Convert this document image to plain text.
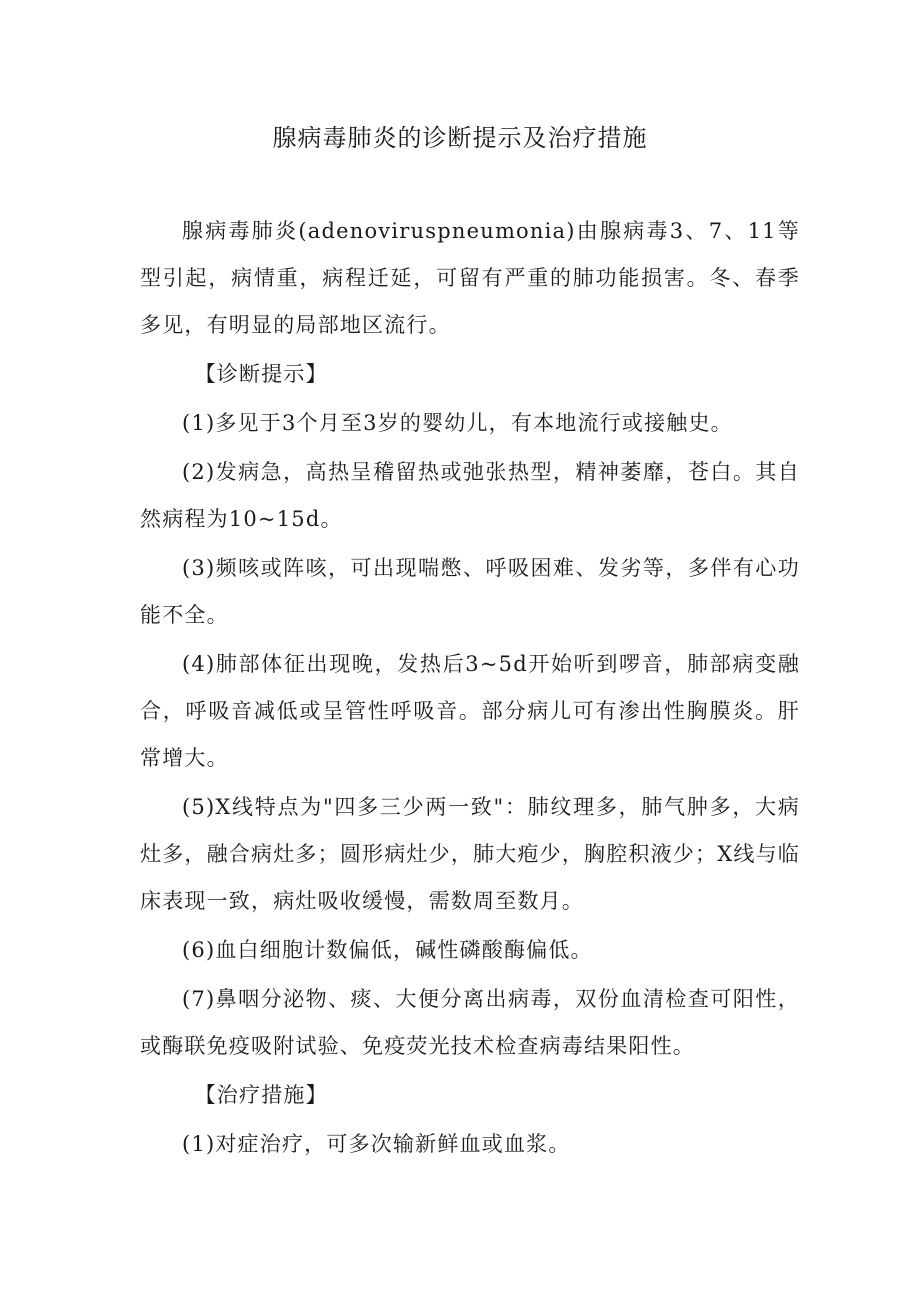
腺病毒肺炎的诊断提示及治疗措施

腺病毒肺炎(adenoviruspneumonia)由腺病毒3、7、11等型引起，病情重，病程迁延，可留有严重的肺功能损害。冬、春季多见，有明显的局部地区流行。

【诊断提示】

(1)多见于3个月至3岁的婴幼儿，有本地流行或接触史。

(2)发病急，高热呈稽留热或弛张热型，精神萎靡，苍白。其自然病程为10~15d。

(3)频咳或阵咳，可出现喘憋、呼吸困难、发劣等，多伴有心功能不全。

(4)肺部体征出现晚，发热后3~5d开始听到啰音，肺部病变融合，呼吸音减低或呈管性呼吸音。部分病儿可有渗出性胸膜炎。肝常增大。

(5)X线特点为"四多三少两一致"：肺纹理多，肺气肿多，大病灶多，融合病灶多；圆形病灶少，肺大疱少，胸腔积液少；X线与临床表现一致，病灶吸收缓慢，需数周至数月。

(6)血白细胞计数偏低，碱性磷酸酶偏低。

(7)鼻咽分泌物、痰、大便分离出病毒，双份血清检查可阳性，或酶联免疫吸附试验、免疫荧光技术检查病毒结果阳性。

【治疗措施】

(1)对症治疗，可多次输新鲜血或血浆。
